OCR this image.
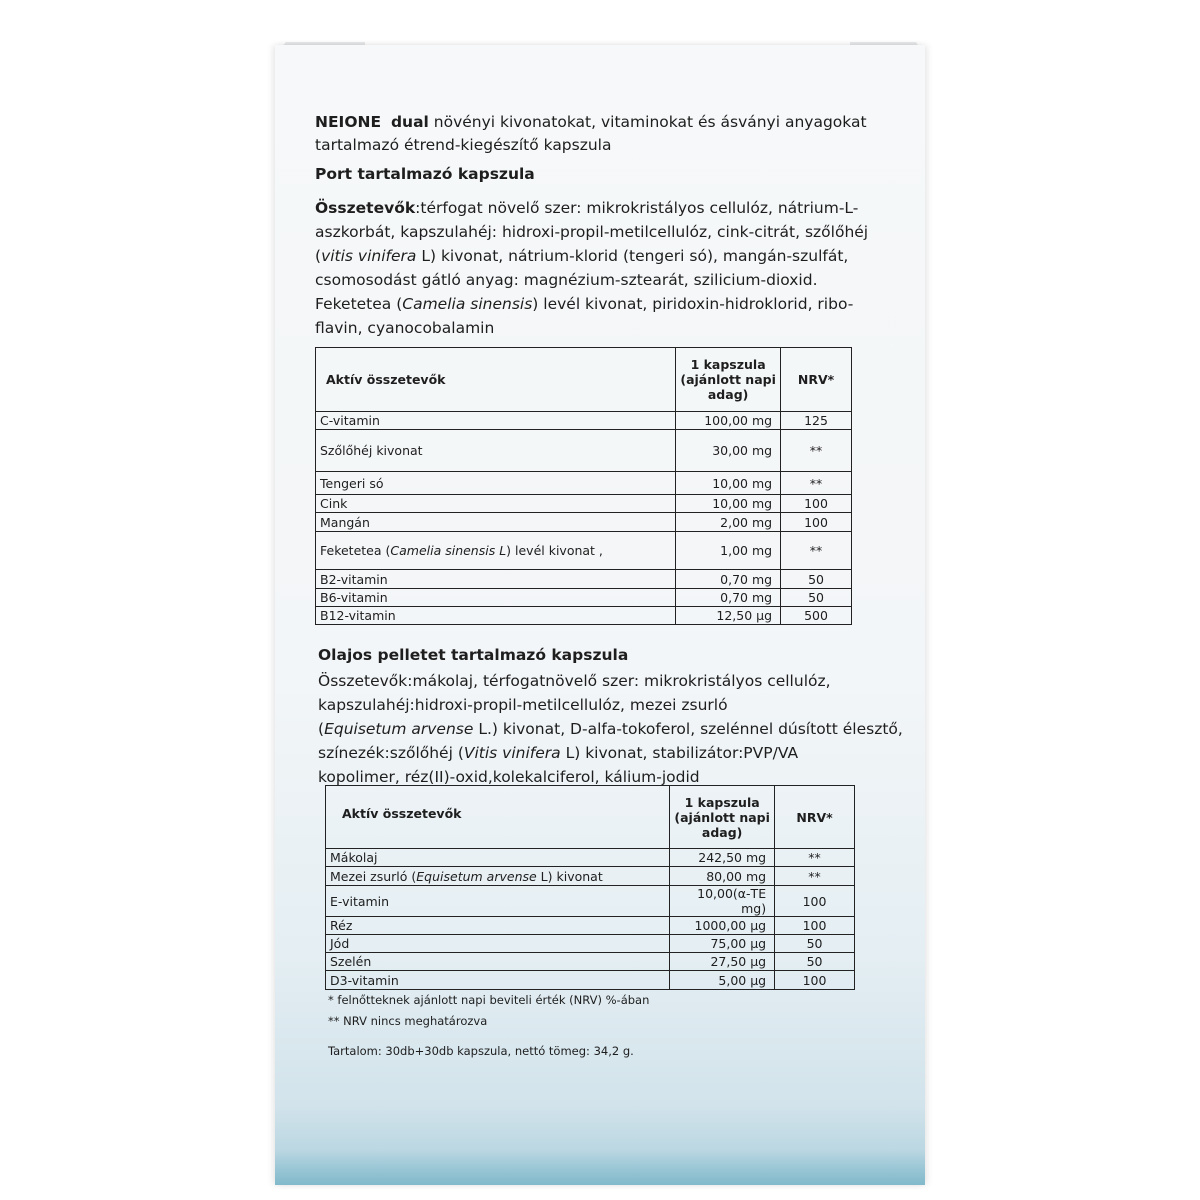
NEIONE dual növényi kivonatokat, vitaminokat és ásványi anyagokat
tartalmazó étrend-kiegészítő kapszula
Port tartalmazó kapszula

Összetevők:térfogat növelő szer: mikrokristályos cellulóz, nátrium-L-

aszkorbát, kapszulahéj: hidroxi-propil-metilcellulóz, cink-citrát, szőlőhéj

(vitis vinifera L) kivonat, nátrium-klorid (tengeri só), mangán-szulfát,

csomosodást gátló anyag: magnézium-sztearát, szilicium-dioxid.

Feketetea (Camelia sinensis) levél kivonat, piridoxin-hidroklorid, ribo-

flavin, cyanocobalamin

Aktív összetevők	1 kapszula
(ajánlott napi
adag)	NRV*
C-vitamin	100,00 mg	125
Szőlőhéj kivonat	30,00 mg	**
Tengeri só	10,00 mg	**
Cink	10,00 mg	100
Mangán	2,00 mg	100
Feketetea (Camelia sinensis L) levél kivonat ,	1,00 mg	**
B2-vitamin	0,70 mg	50
B6-vitamin	0,70 mg	50
B12-vitamin	12,50 µg	500
Olajos pelletet tartalmazó kapszula

Összetevők:mákolaj, térfogatnövelő szer: mikrokristályos cellulóz,

kapszulahéj:hidroxi-propil-metilcellulóz, mezei zsurló

(Equisetum arvense L.) kivonat, D-alfa-tokoferol, szelénnel dúsított élesztő,

színezék:szőlőhéj (Vitis vinifera L) kivonat, stabilizátor:PVP/VA

kopolimer, réz(II)-oxid,kolekalciferol, kálium-jodid

Aktív összetevők	1 kapszula
(ajánlott napi
adag)	NRV*
Mákolaj	242,50 mg	**
Mezei zsurló (Equisetum arvense L) kivonat	80,00 mg	**
E-vitamin	10,00(α-TE mg)	100
Réz	1000,00 µg	100
Jód	75,00 µg	50
Szelén	27,50 µg	50
D3-vitamin	5,00 µg	100
* felnőtteknek ajánlott napi beviteli érték (NRV) %-ában
** NRV nincs meghatározva
Tartalom: 30db+30db kapszula, nettó tömeg: 34,2 g.
